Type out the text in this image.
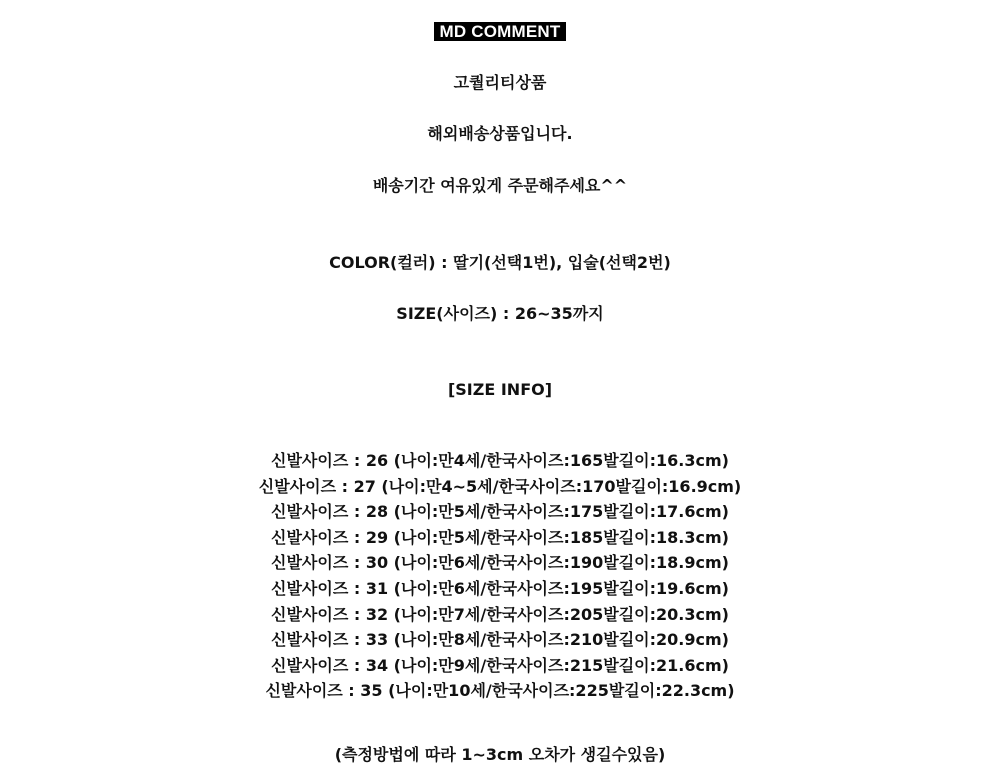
MD COMMENT
고퀄리티상품
해외배송상품입니다.
배송기간 여유있게 주문해주세요^^
COLOR(컬러) : 딸기(선택1번), 입술(선택2번)
SIZE(사이즈) : 26~35까지
[SIZE INFO]
신발사이즈 : 26 (나이:만4세/한국사이즈:165발길이:16.3cm)
신발사이즈 : 27 (나이:만4~5세/한국사이즈:170발길이:16.9cm)
신발사이즈 : 28 (나이:만5세/한국사이즈:175발길이:17.6cm)
신발사이즈 : 29 (나이:만5세/한국사이즈:185발길이:18.3cm)
신발사이즈 : 30 (나이:만6세/한국사이즈:190발길이:18.9cm)
신발사이즈 : 31 (나이:만6세/한국사이즈:195발길이:19.6cm)
신발사이즈 : 32 (나이:만7세/한국사이즈:205발길이:20.3cm)
신발사이즈 : 33 (나이:만8세/한국사이즈:210발길이:20.9cm)
신발사이즈 : 34 (나이:만9세/한국사이즈:215발길이:21.6cm)
신발사이즈 : 35 (나이:만10세/한국사이즈:225발길이:22.3cm)
(측정방법에 따라 1~3cm 오차가 생길수있음)
